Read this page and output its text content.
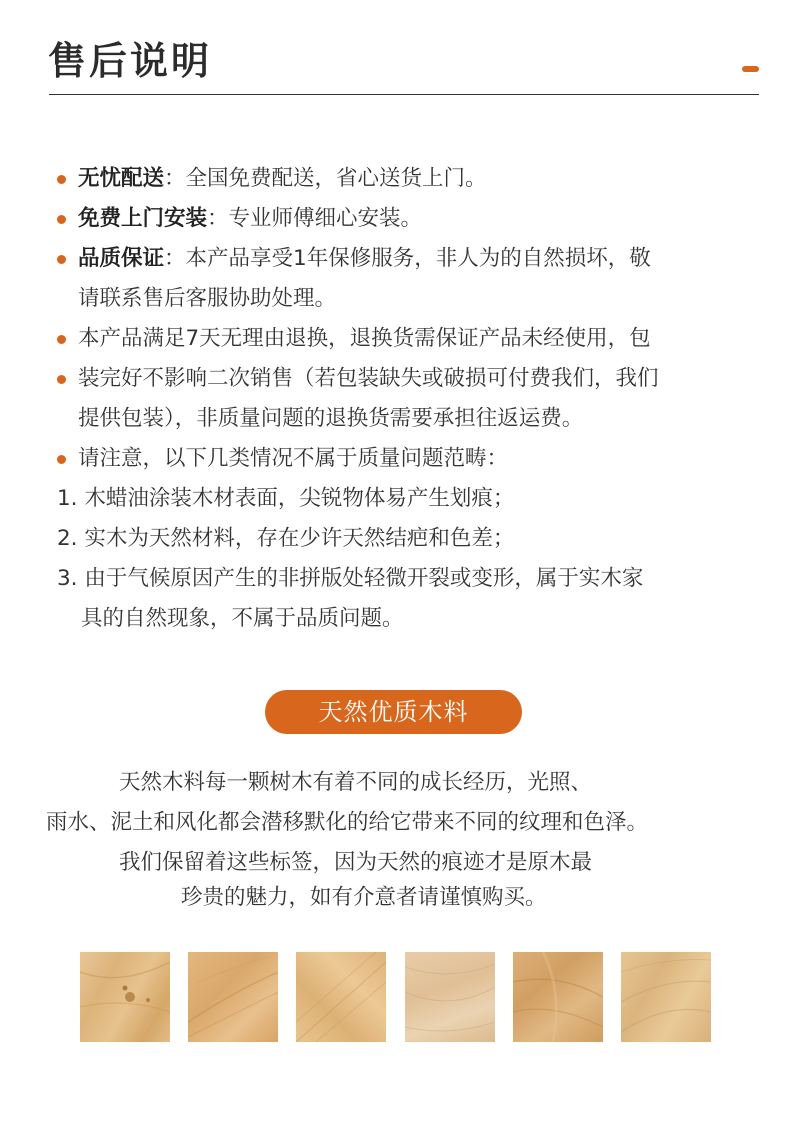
售后说明
无忧配送：全国免费配送，省心送货上门。
免费上门安装：专业师傅细心安装。
品质保证：本产品享受1年保修服务，非人为的自然损坏，敬
请联系售后客服协助处理。
本产品满足7天无理由退换，退换货需保证产品未经使用，包
装完好不影响二次销售（若包装缺失或破损可付费我们，我们
提供包装），非质量问题的退换货需要承担往返运费。
请注意，以下几类情况不属于质量问题范畴：
1. 木蜡油涂装木材表面，尖锐物体易产生划痕；
2. 实木为天然材料，存在少许天然结疤和色差；
3. 由于气候原因产生的非拼版处轻微开裂或变形，属于实木家
具的自然现象，不属于品质问题。
天然优质木料
天然木料每一颗树木有着不同的成长经历，光照、
雨水、泥土和风化都会潜移默化的给它带来不同的纹理和色泽。
我们保留着这些标签，因为天然的痕迹才是原木最
珍贵的魅力，如有介意者请谨慎购买。
